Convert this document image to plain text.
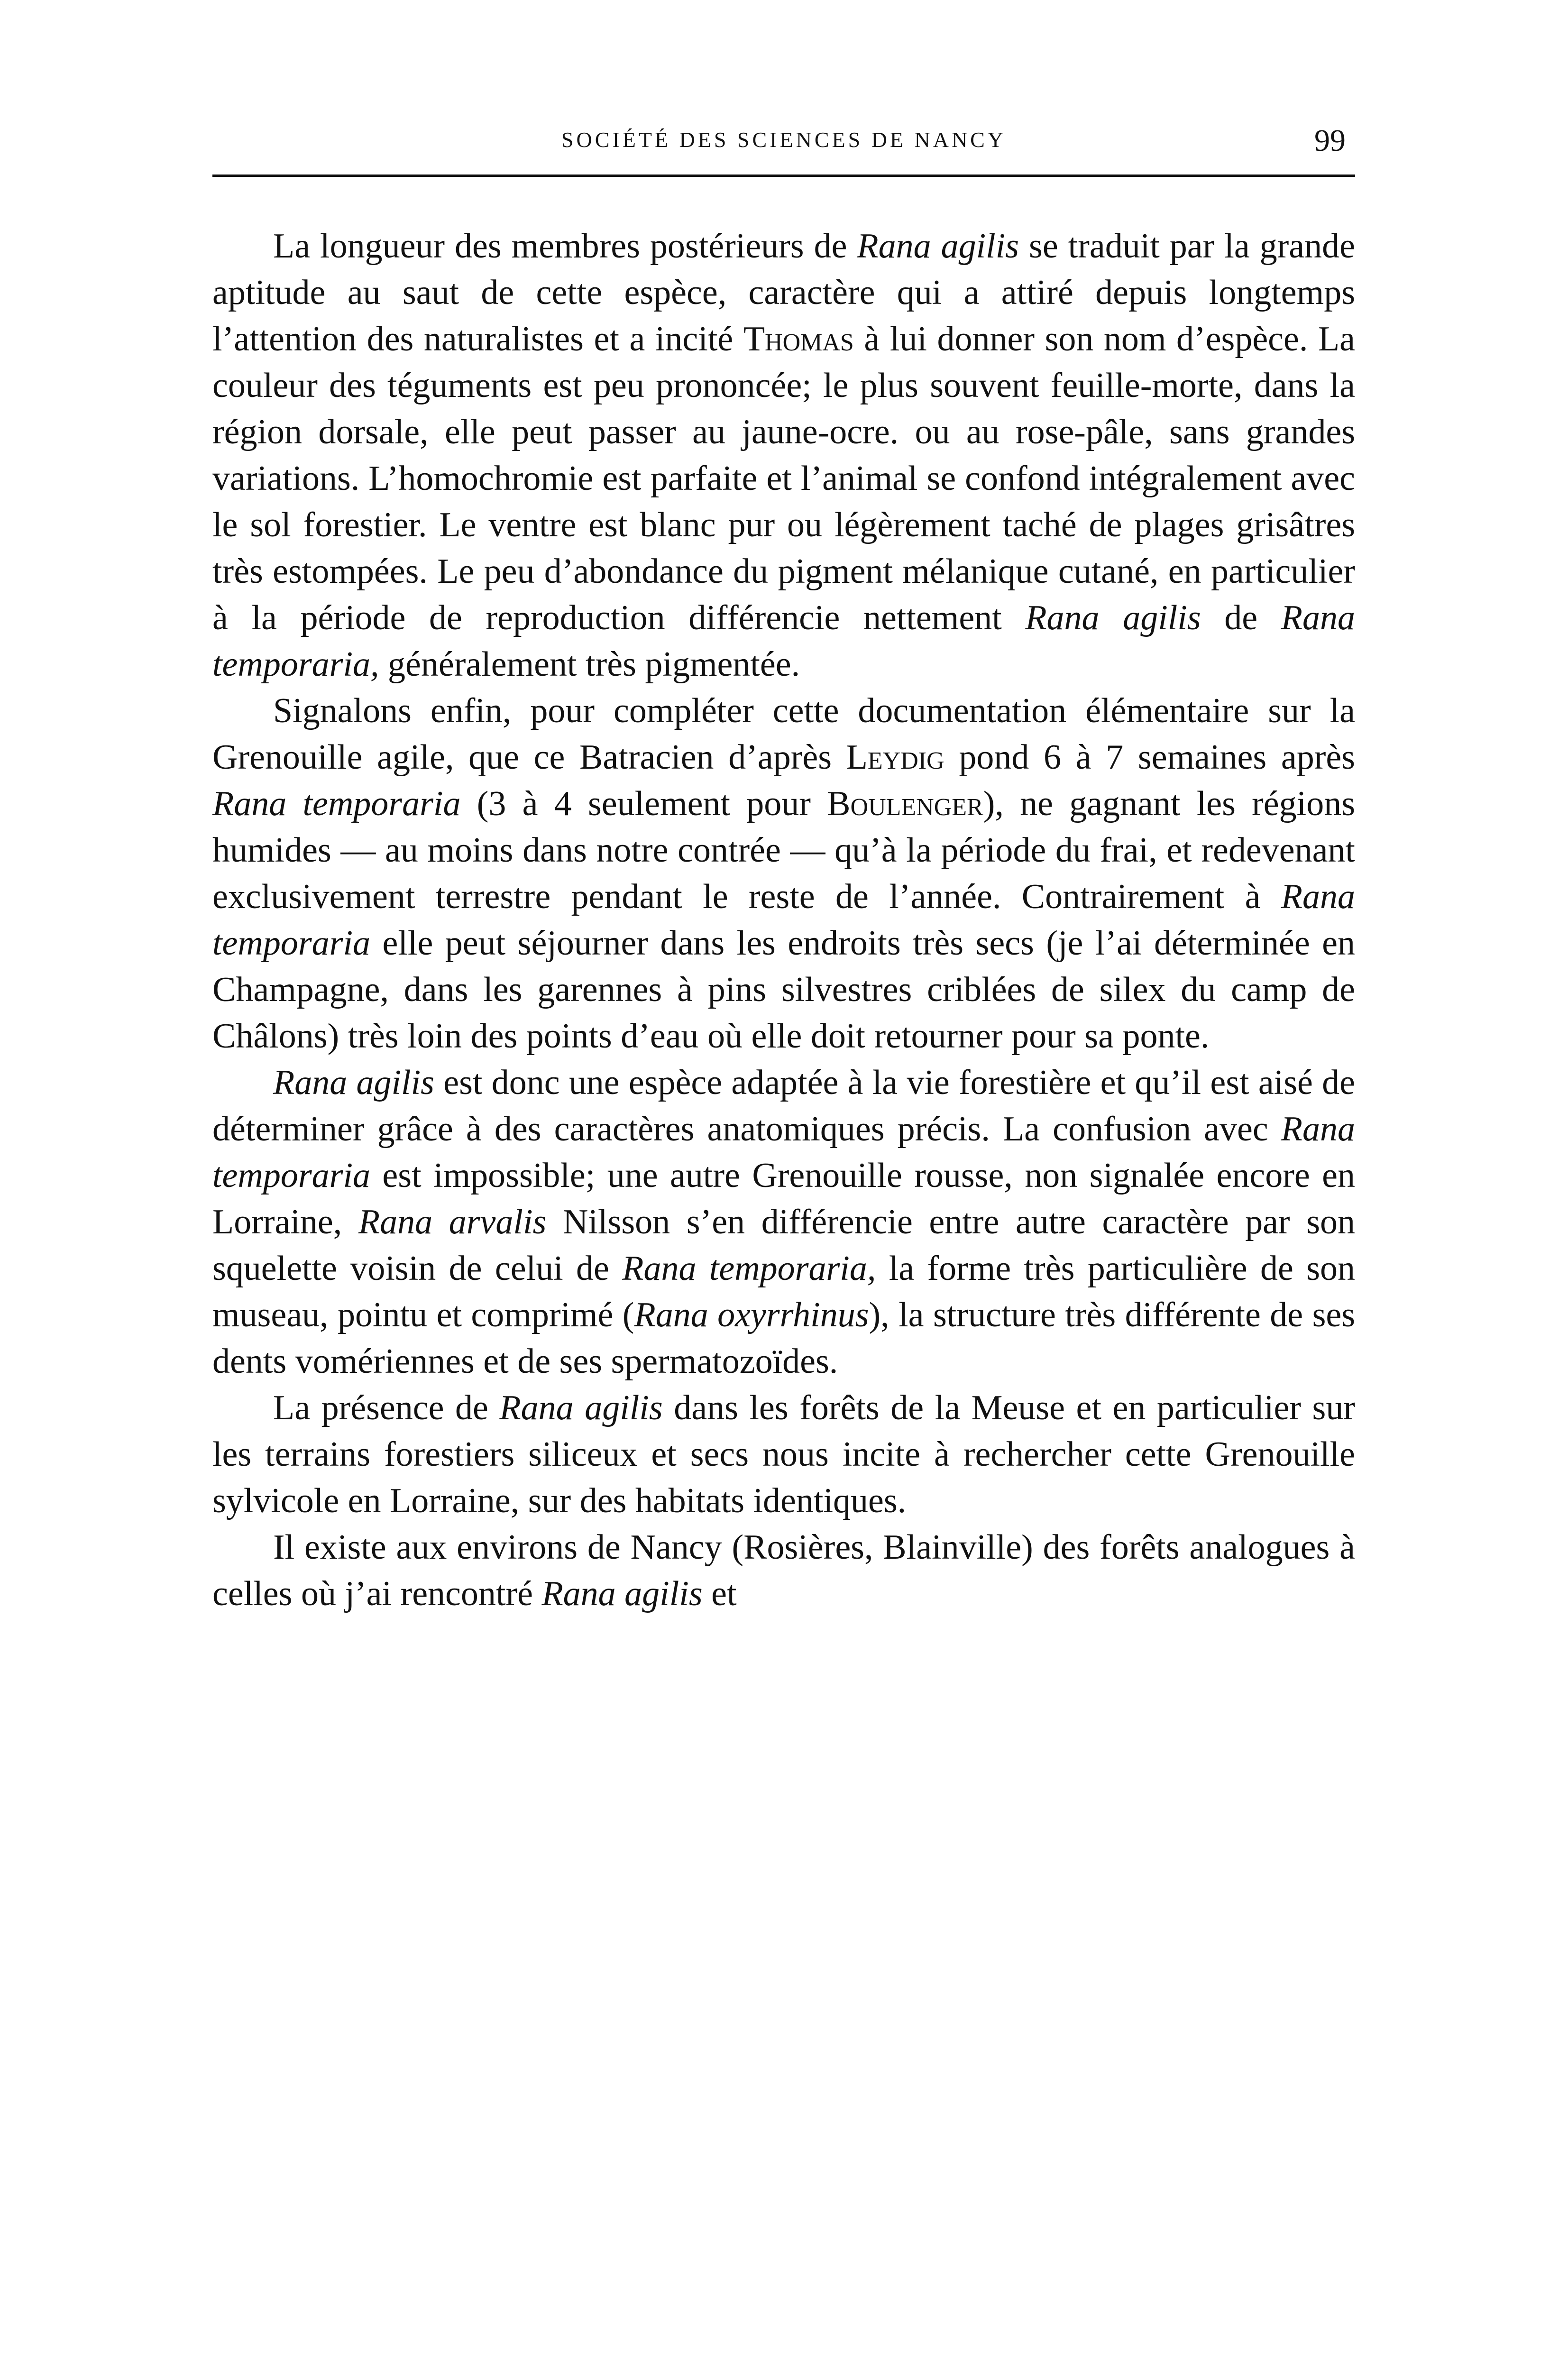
SOCIÉTÉ DES SCIENCES DE NANCY	99

La longueur des membres postérieurs de Rana agilis se traduit par la grande aptitude au saut de cette espèce, caractère qui a attiré depuis longtemps l’attention des naturalistes et a incité Thomas à lui donner son nom d’espèce. La couleur des téguments est peu prononcée; le plus souvent feuille-morte, dans la région dorsale, elle peut passer au jaune-ocre. ou au rose-pâle, sans grandes variations. L’homochromie est parfaite et l’animal se confond intégralement avec le sol forestier. Le ventre est blanc pur ou légèrement taché de plages grisâtres très estompées. Le peu d’abondance du pigment mélanique cutané, en particulier à la période de reproduction différencie nettement Rana agilis de Rana temporaria, généralement très pigmentée.

Signalons enfin, pour compléter cette documentation élémentaire sur la Grenouille agile, que ce Batracien d’après Leydig pond 6 à 7 semaines après Rana temporaria (3 à 4 seulement pour Boulenger), ne gagnant les régions humides — au moins dans notre contrée — qu’à la période du frai, et redevenant exclusivement terrestre pendant le reste de l’année. Contrairement à Rana temporaria elle peut séjourner dans les endroits très secs (je l’ai déterminée en Champagne, dans les garennes à pins silvestres criblées de silex du camp de Châlons) très loin des points d’eau où elle doit retourner pour sa ponte.

Rana agilis est donc une espèce adaptée à la vie forestière et qu’il est aisé de déterminer grâce à des caractères anatomiques précis. La confusion avec Rana temporaria est impossible; une autre Grenouille rousse, non signalée encore en Lorraine, Rana arvalis Nilsson s’en différencie entre autre caractère par son squelette voisin de celui de Rana temporaria, la forme très particulière de son museau, pointu et comprimé (Rana oxyrrhinus), la structure très différente de ses dents vomériennes et de ses spermatozoïdes.

La présence de Rana agilis dans les forêts de la Meuse et en particulier sur les terrains forestiers siliceux et secs nous incite à rechercher cette Grenouille sylvicole en Lorraine, sur des habitats identiques.

Il existe aux environs de Nancy (Rosières, Blainville) des forêts analogues à celles où j’ai rencontré Rana agilis et
